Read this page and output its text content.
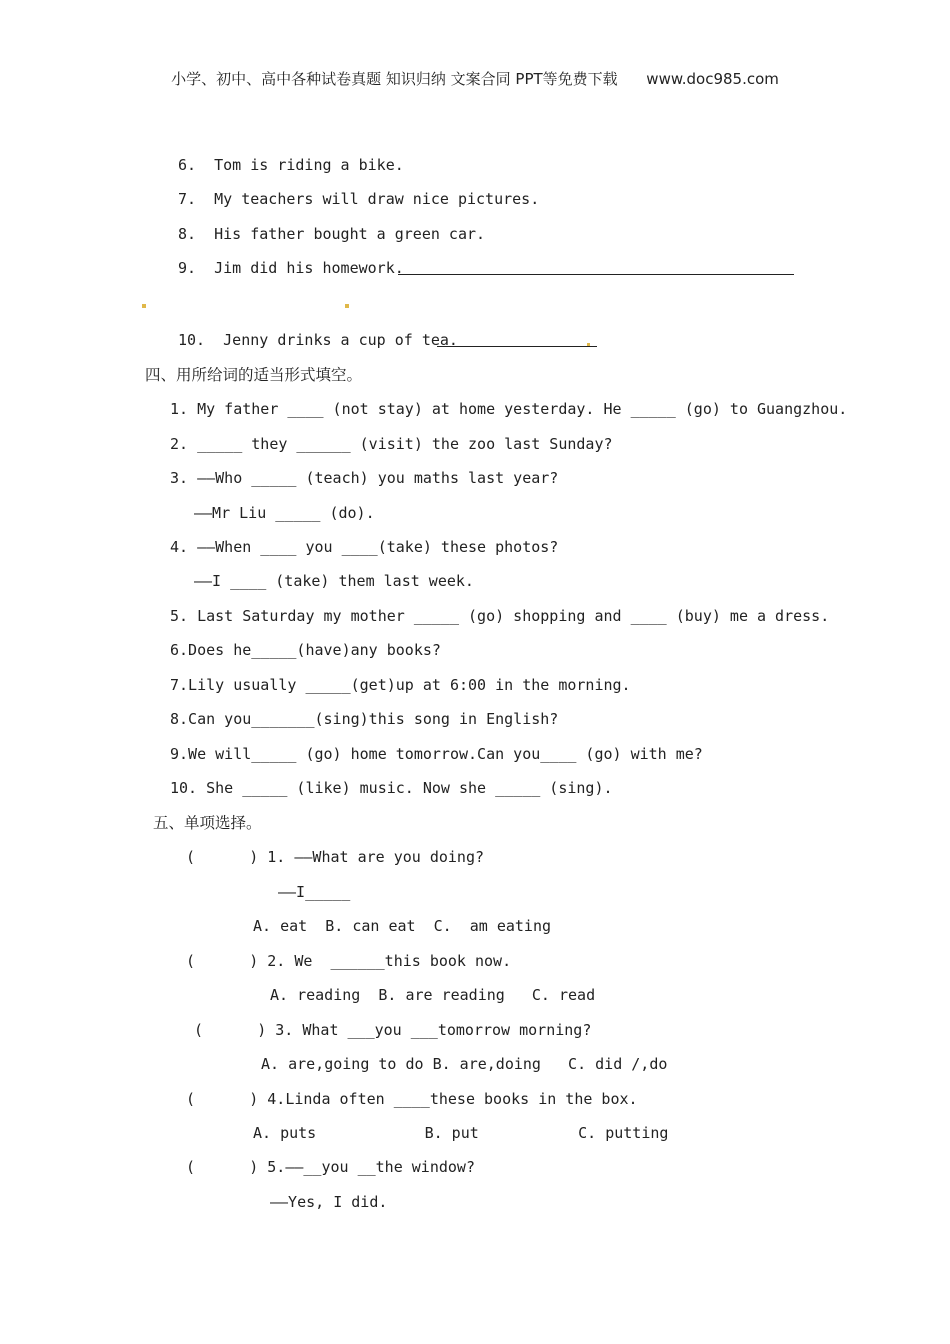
小学、初中、高中各种试卷真题 知识归纳 文案合同 PPT等免费下载 www.doc985.com
6.  Tom is riding a bike.
7.  My teachers will draw nice pictures.
8.  His father bought a green car.
9.  Jim did his homework.
10.  Jenny drinks a cup of tea.
四、用所给词的适当形式填空。
1. My father ____ (not stay) at home yesterday. He _____ (go) to Guangzhou.
2. _____ they ______ (visit) the zoo last Sunday?
3. ——Who _____ (teach) you maths last year?
——Mr Liu _____ (do).
4. ——When ____ you ____(take) these photos?
——I ____ (take) them last week.
5. Last Saturday my mother _____ (go) shopping and ____ (buy) me a dress.
6.Does he_____(have)any books?
7.Lily usually _____(get)up at 6:00 in the morning.
8.Can you_______(sing)this song in English?
9.We will_____ (go) home tomorrow.Can you____ (go) with me?
10. She _____ (like) music. Now she _____ (sing).
五、单项选择。
(      ) 1. ——What are you doing?
——I_____
A. eat  B. can eat  C.  am eating
(      ) 2. We  ______this book now.
A. reading  B. are reading   C. read
(      ) 3. What ___you ___tomorrow morning?
A. are,going to do B. are,doing   C. did /,do
(      ) 4.Linda often ____these books in the box.
A. puts            B. put           C. putting
(      ) 5.——__you __the window?
——Yes, I did.
